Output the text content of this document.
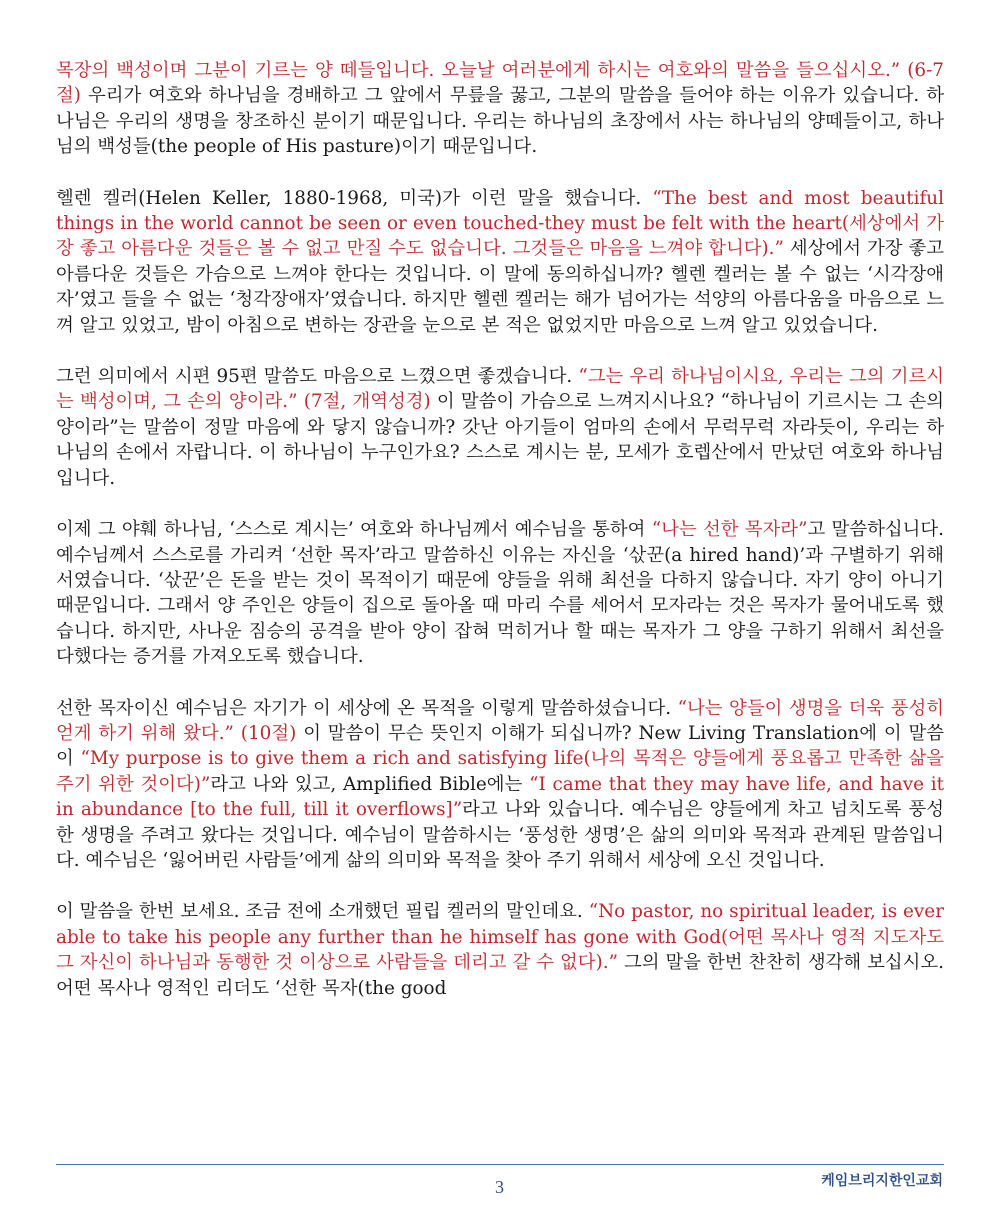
목장의 백성이며 그분이 기르는 양 떼들입니다. 오늘날 여러분에게 하시는 여호와의 말씀을 들으십시오.” (6-7절) 우리가 여호와 하나님을 경배하고 그 앞에서 무릎을 꿇고, 그분의 말씀을 들어야 하는 이유가 있습니다. 하나님은 우리의 생명을 창조하신 분이기 때문입니다. 우리는 하나님의 초장에서 사는 하나님의 양떼들이고, 하나님의 백성들(the people of His pasture)이기 때문입니다.

헬렌 켈러(Helen Keller, 1880-1968, 미국)가 이런 말을 했습니다. “The best and most beautiful things in the world cannot be seen or even touched-they must be felt with the heart(세상에서 가장 좋고 아름다운 것들은 볼 수 없고 만질 수도 없습니다. 그것들은 마음을 느껴야 합니다).” 세상에서 가장 좋고 아름다운 것들은 가슴으로 느껴야 한다는 것입니다. 이 말에 동의하십니까? 헬렌 켈러는 볼 수 없는 ‘시각장애자’였고 들을 수 없는 ‘청각장애자’였습니다. 하지만 헬렌 켈러는 해가 넘어가는 석양의 아름다움을 마음으로 느껴 알고 있었고, 밤이 아침으로 변하는 장관을 눈으로 본 적은 없었지만 마음으로 느껴 알고 있었습니다.

그런 의미에서 시편 95편 말씀도 마음으로 느꼈으면 좋겠습니다. “그는 우리 하나님이시요, 우리는 그의 기르시는 백성이며, 그 손의 양이라.” (7절, 개역성경) 이 말씀이 가슴으로 느껴지시나요? “하나님이 기르시는 그 손의 양이라”는 말씀이 정말 마음에 와 닿지 않습니까? 갓난 아기들이 엄마의 손에서 무럭무럭 자라듯이, 우리는 하나님의 손에서 자랍니다. 이 하나님이 누구인가요? 스스로 계시는 분, 모세가 호렙산에서 만났던 여호와 하나님입니다.

이제 그 야훼 하나님, ‘스스로 계시는’ 여호와 하나님께서 예수님을 통하여 “나는 선한 목자라”고 말씀하십니다. 예수님께서 스스로를 가리켜 ‘선한 목자’라고 말씀하신 이유는 자신을 ‘삯꾼(a hired hand)’과 구별하기 위해서였습니다. ‘삯꾼’은 돈을 받는 것이 목적이기 때문에 양들을 위해 최선을 다하지 않습니다. 자기 양이 아니기 때문입니다. 그래서 양 주인은 양들이 집으로 돌아올 때 마리 수를 세어서 모자라는 것은 목자가 물어내도록 했습니다. 하지만, 사나운 짐승의 공격을 받아 양이 잡혀 먹히거나 할 때는 목자가 그 양을 구하기 위해서 최선을 다했다는 증거를 가져오도록 했습니다.

선한 목자이신 예수님은 자기가 이 세상에 온 목적을 이렇게 말씀하셨습니다. “나는 양들이 생명을 더욱 풍성히 얻게 하기 위해 왔다.” (10절) 이 말씀이 무슨 뜻인지 이해가 되십니까? New Living Translation에 이 말씀이 “My purpose is to give them a rich and satisfying life(나의 목적은 양들에게 풍요롭고 만족한 삶을 주기 위한 것이다)”라고 나와 있고, Amplified Bible에는 “I came that they may have life, and have it in abundance [to the full, till it overflows]”라고 나와 있습니다. 예수님은 양들에게 차고 넘치도록 풍성한 생명을 주려고 왔다는 것입니다. 예수님이 말씀하시는 ‘풍성한 생명’은 삶의 의미와 목적과 관계된 말씀입니다. 예수님은 ‘잃어버린 사람들’에게 삶의 의미와 목적을 찾아 주기 위해서 세상에 오신 것입니다.

이 말씀을 한번 보세요. 조금 전에 소개했던 필립 켈러의 말인데요. “No pastor, no spiritual leader, is ever able to take his people any further than he himself has gone with God(어떤 목사나 영적 지도자도 그 자신이 하나님과 동행한 것 이상으로 사람들을 데리고 갈 수 없다).” 그의 말을 한번 찬찬히 생각해 보십시오. 어떤 목사나 영적인 리더도 ‘선한 목자(the good

3	케임브리지한인교회
